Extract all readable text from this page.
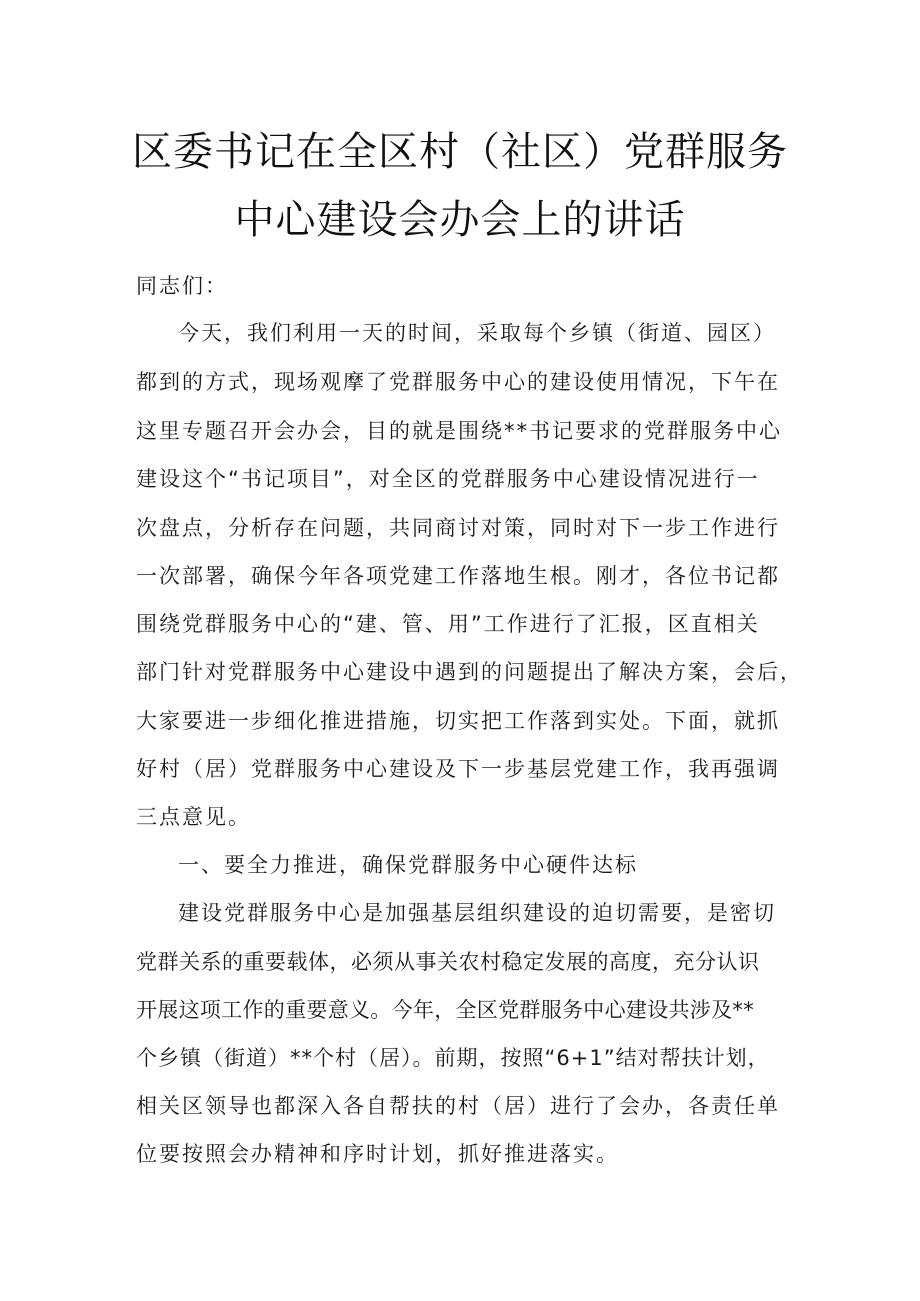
区委书记在全区村（社区）党群服务
中心建设会办会上的讲话

同志们：

今天，我们利用一天的时间，采取每个乡镇（街道、园区）

都到的方式，现场观摩了党群服务中心的建设使用情况，下午在

这里专题召开会办会，目的就是围绕**书记要求的党群服务中心

建设这个“书记项目”，对全区的党群服务中心建设情况进行一

次盘点，分析存在问题，共同商讨对策，同时对下一步工作进行

一次部署，确保今年各项党建工作落地生根。刚才，各位书记都

围绕党群服务中心的“建、管、用”工作进行了汇报，区直相关

部门针对党群服务中心建设中遇到的问题提出了解决方案，会后，

大家要进一步细化推进措施，切实把工作落到实处。下面，就抓

好村（居）党群服务中心建设及下一步基层党建工作，我再强调

三点意见。

一、要全力推进，确保党群服务中心硬件达标

建设党群服务中心是加强基层组织建设的迫切需要，是密切

党群关系的重要载体，必须从事关农村稳定发展的高度，充分认识

开展这项工作的重要意义。今年，全区党群服务中心建设共涉及**

个乡镇（街道）**个村（居）。前期，按照“6+1”结对帮扶计划，

相关区领导也都深入各自帮扶的村（居）进行了会办，各责任单

位要按照会办精神和序时计划，抓好推进落实。
